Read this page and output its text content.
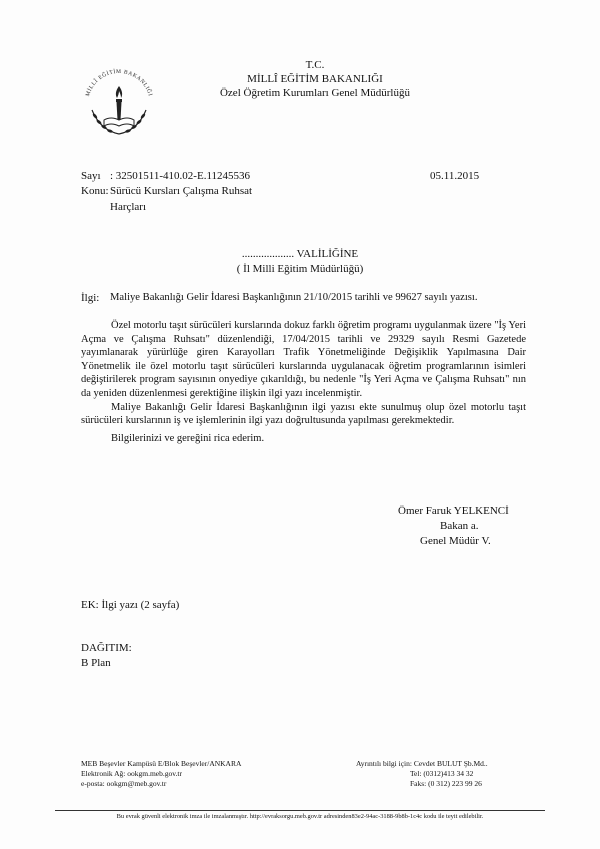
MİLLÎ EĞİTİM BAKANLIĞI
T.C.
MİLLÎ EĞİTİM BAKANLIĞI
Özel Öğretim Kurumları Genel Müdürlüğü
Sayı : 32501511-410.02-E.11245536	05.11.2015
Konu: Sürücü Kursları Çalışma Ruhsat
Harçları
................... VALİLİĞİNE
( İl Milli Eğitim Müdürlüğü)
İlgi: Maliye Bakanlığı Gelir İdaresi Başkanlığının 21/10/2015 tarihli ve 99627 sayılı yazısı.

Özel motorlu taşıt sürücüleri kurslarında dokuz farklı öğretim programı uygulanmak üzere "İş Yeri Açma ve Çalışma Ruhsatı" düzenlendiği, 17/04/2015 tarihli ve 29329 sayılı Resmi Gazetede yayımlanarak yürürlüğe giren Karayolları Trafik Yönetmeliğinde Değişiklik Yapılmasına Dair Yönetmelik ile özel motorlu taşıt sürücüleri kurslarında uygulanacak öğretim programlarının isimleri değiştirilerek program sayısının onyediye çıkarıldığı, bu nedenle "İş Yeri Açma ve Çalışma Ruhsatı" nın da yeniden düzenlenmesi gerektiğine ilişkin ilgi yazı incelenmiştir.

Maliye Bakanlığı Gelir İdaresi Başkanlığının ilgi yazısı ekte sunulmuş olup özel motorlu taşıt sürücüleri kurslarının iş ve işlemlerinin ilgi yazı doğrultusunda yapılması gerekmektedir.

Bilgilerinizi ve gereğini rica ederim.

Ömer Faruk YELKENCİ
Bakan a.
Genel Müdür V.
EK: İlgi yazı (2 sayfa)
DAĞITIM:
B Plan
MEB Beşevler Kampüsü E/Blok Beşevler/ANKARA
Elektronik Ağ: ookgm.meb.gov.tr
e-posta: ookgm@meb.gov.tr
Ayrıntılı bilgi için: Cevdet BULUT Şb.Md..
Tel: (0312)413 34 32
Faks: (0 312) 223 99 26
Bu evrak güvenli elektronik imza ile imzalanmıştır. http://evraksorgu.meb.gov.tr adresinden83e2-94ac-3188-9b8b-1c4c kodu ile teyit edilebilir.
